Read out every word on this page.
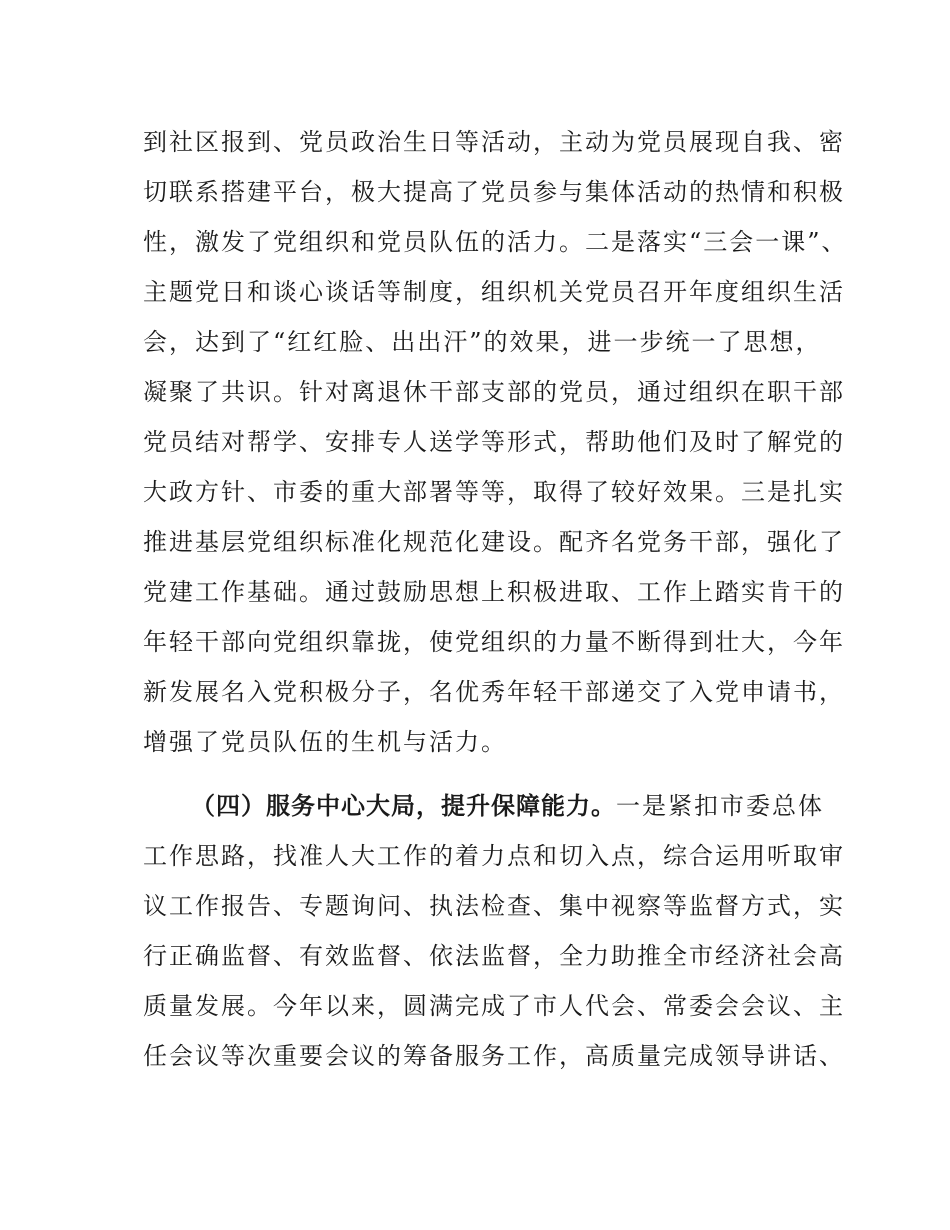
到社区报到、党员政治生日等活动，主动为党员展现自我、密
切联系搭建平台，极大提高了党员参与集体活动的热情和积极
性，激发了党组织和党员队伍的活力。二是落实“三会一课”、
主题党日和谈心谈话等制度，组织机关党员召开年度组织生活
会，达到了“红红脸、出出汗”的效果，进一步统一了思想，
凝聚了共识。针对离退休干部支部的党员，通过组织在职干部
党员结对帮学、安排专人送学等形式，帮助他们及时了解党的
大政方针、市委的重大部署等等，取得了较好效果。三是扎实
推进基层党组织标准化规范化建设。配齐名党务干部，强化了
党建工作基础。通过鼓励思想上积极进取、工作上踏实肯干的
年轻干部向党组织靠拢，使党组织的力量不断得到壮大，今年
新发展名入党积极分子，名优秀年轻干部递交了入党申请书，
增强了党员队伍的生机与活力。
（四）服务中心大局，提升保障能力。一是紧扣市委总体
工作思路，找准人大工作的着力点和切入点，综合运用听取审
议工作报告、专题询问、执法检查、集中视察等监督方式，实
行正确监督、有效监督、依法监督，全力助推全市经济社会高
质量发展。今年以来，圆满完成了市人代会、常委会会议、主
任会议等次重要会议的筹备服务工作，高质量完成领导讲话、
